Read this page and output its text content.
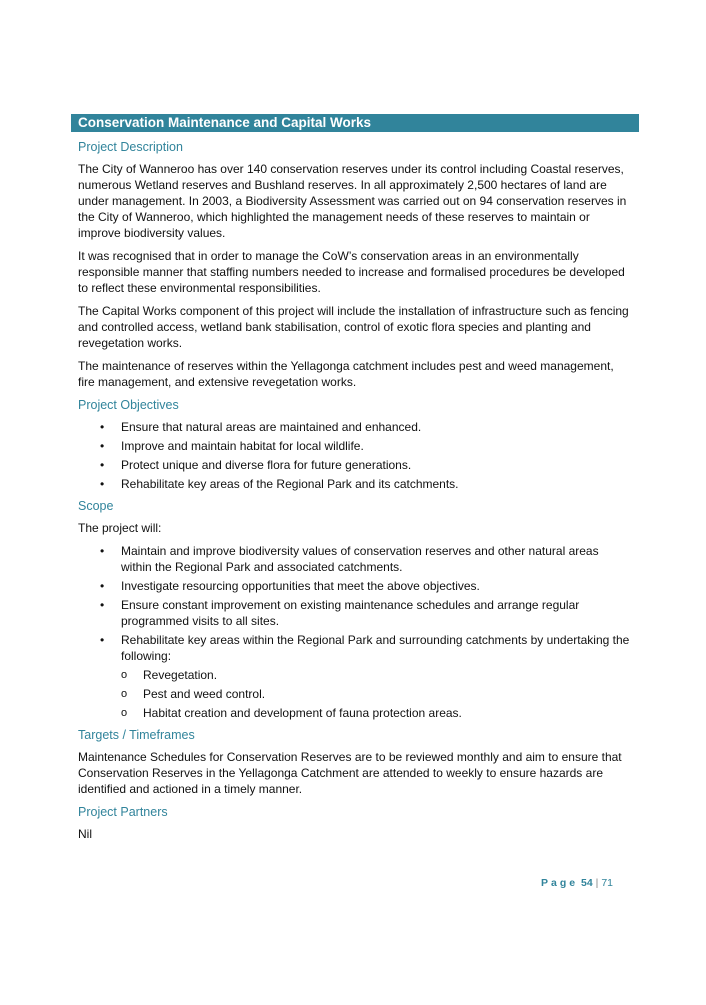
Conservation Maintenance and Capital Works
Project Description

The City of Wanneroo has over 140 conservation reserves under its control including Coastal reserves, numerous Wetland reserves and Bushland reserves. In all approximately 2,500 hectares of land are under management. In 2003, a Biodiversity Assessment was carried out on 94 conservation reserves in the City of Wanneroo, which highlighted the management needs of these reserves to maintain or improve biodiversity values.

It was recognised that in order to manage the CoW’s conservation areas in an environmentally responsible manner that staffing numbers needed to increase and formalised procedures be developed to reflect these environmental responsibilities.

The Capital Works component of this project will include the installation of infrastructure such as fencing and controlled access, wetland bank stabilisation, control of exotic flora species and planting and revegetation works.

The maintenance of reserves within the Yellagonga catchment includes pest and weed management, fire management, and extensive revegetation works.

Project Objectives
• Ensure that natural areas are maintained and enhanced.
• Improve and maintain habitat for local wildlife.
• Protect unique and diverse flora for future generations.
• Rehabilitate key areas of the Regional Park and its catchments.
Scope

The project will:

• Maintain and improve biodiversity values of conservation reserves and other natural areas within the Regional Park and associated catchments.
• Investigate resourcing opportunities that meet the above objectives.
• Ensure constant improvement on existing maintenance schedules and arrange regular programmed visits to all sites.
• Rehabilitate key areas within the Regional Park and surrounding catchments by undertaking the following:
o Revegetation.
o Pest and weed control.
o Habitat creation and development of fauna protection areas.
Targets / Timeframes

Maintenance Schedules for Conservation Reserves are to be reviewed monthly and aim to ensure that Conservation Reserves in the Yellagonga Catchment are attended to weekly to ensure hazards are identified and actioned in a timely manner.

Project Partners

Nil

Page 54 | 71
